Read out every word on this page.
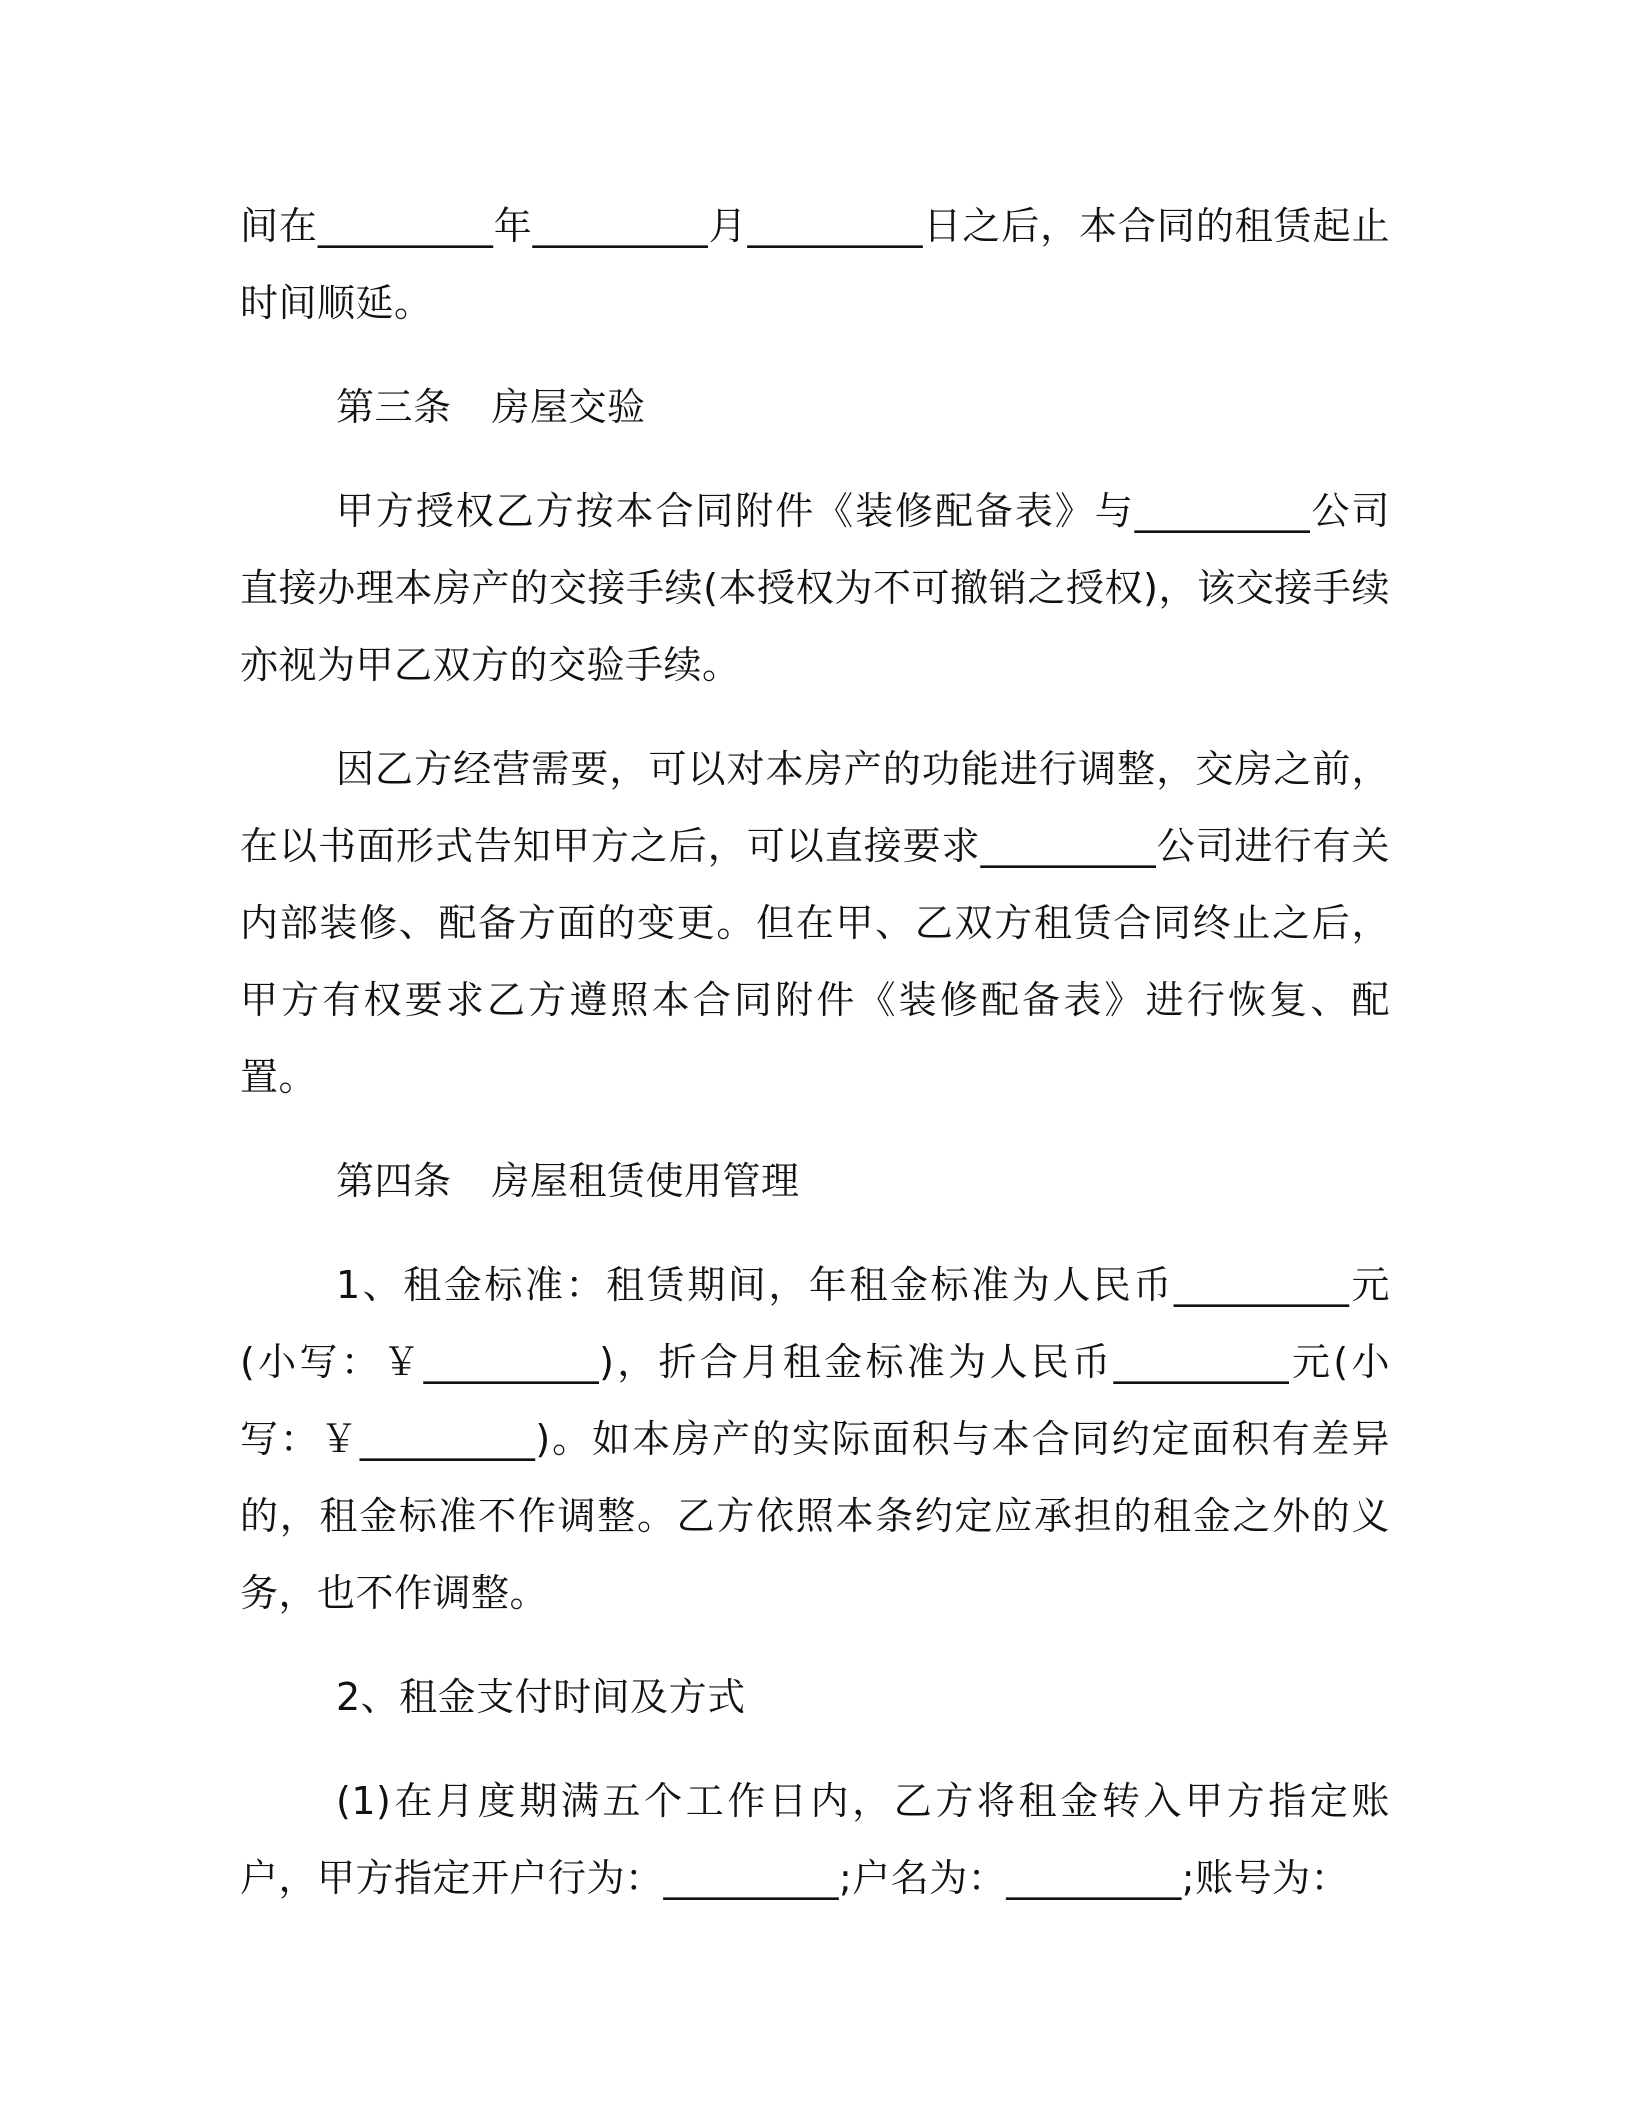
间在_________年_________月_________日之后，本合同的租赁起止时间顺延。

第三条 房屋交验

甲方授权乙方按本合同附件《装修配备表》与_________公司直接办理本房产的交接手续(本授权为不可撤销之授权)，该交接手续亦视为甲乙双方的交验手续。

因乙方经营需要，可以对本房产的功能进行调整，交房之前，在以书面形式告知甲方之后，可以直接要求_________公司进行有关内部装修、配备方面的变更。但在甲、乙双方租赁合同终止之后，甲方有权要求乙方遵照本合同附件《装修配备表》进行恢复、配置。

第四条 房屋租赁使用管理

1、租金标准：租赁期间，年租金标准为人民币_________元(小写：￥_________)，折合月租金标准为人民币_________元(小写：￥_________)。如本房产的实际面积与本合同约定面积有差异的，租金标准不作调整。乙方依照本条约定应承担的租金之外的义务，也不作调整。

2、租金支付时间及方式

(1)在月度期满五个工作日内，乙方将租金转入甲方指定账户，甲方指定开户行为：_________;户名为：_________;账号为：
